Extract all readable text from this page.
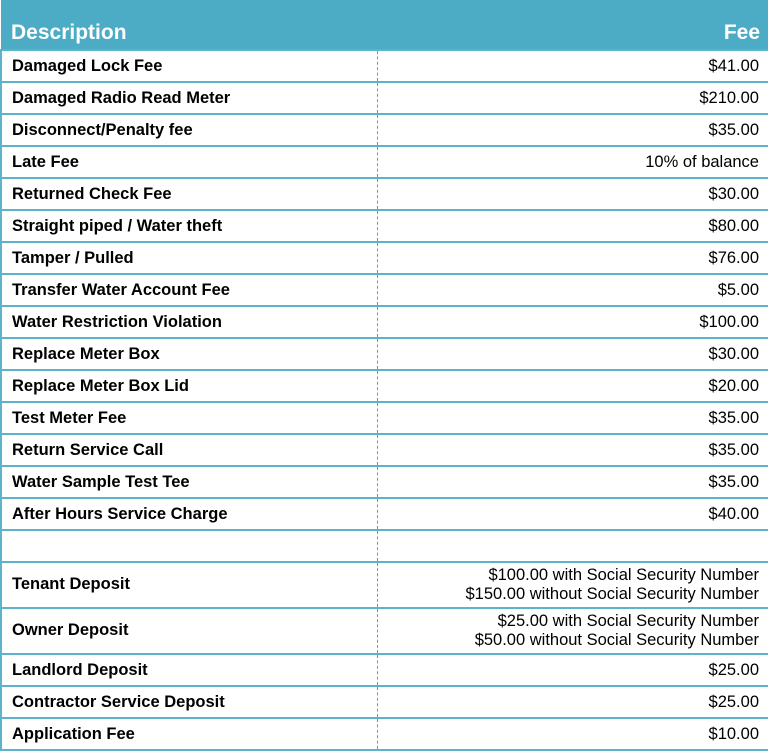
Description	Fee
Damaged Lock Fee	$41.00
Damaged Radio Read Meter	$210.00
Disconnect/Penalty fee	$35.00
Late Fee	10% of balance
Returned Check Fee	$30.00
Straight piped / Water theft	$80.00
Tamper / Pulled	$76.00
Transfer Water Account Fee	$5.00
Water Restriction Violation	$100.00
Replace Meter Box	$30.00
Replace Meter Box Lid	$20.00
Test Meter Fee	$35.00
Return Service Call	$35.00
Water Sample Test Tee	$35.00
After Hours Service Charge	$40.00

Tenant Deposit	$100.00 with Social Security Number
$150.00 without Social Security Number

Owner Deposit	$25.00 with Social Security Number
$50.00 without Social Security Number

Landlord Deposit	$25.00
Contractor Service Deposit	$25.00
Application Fee	$10.00
